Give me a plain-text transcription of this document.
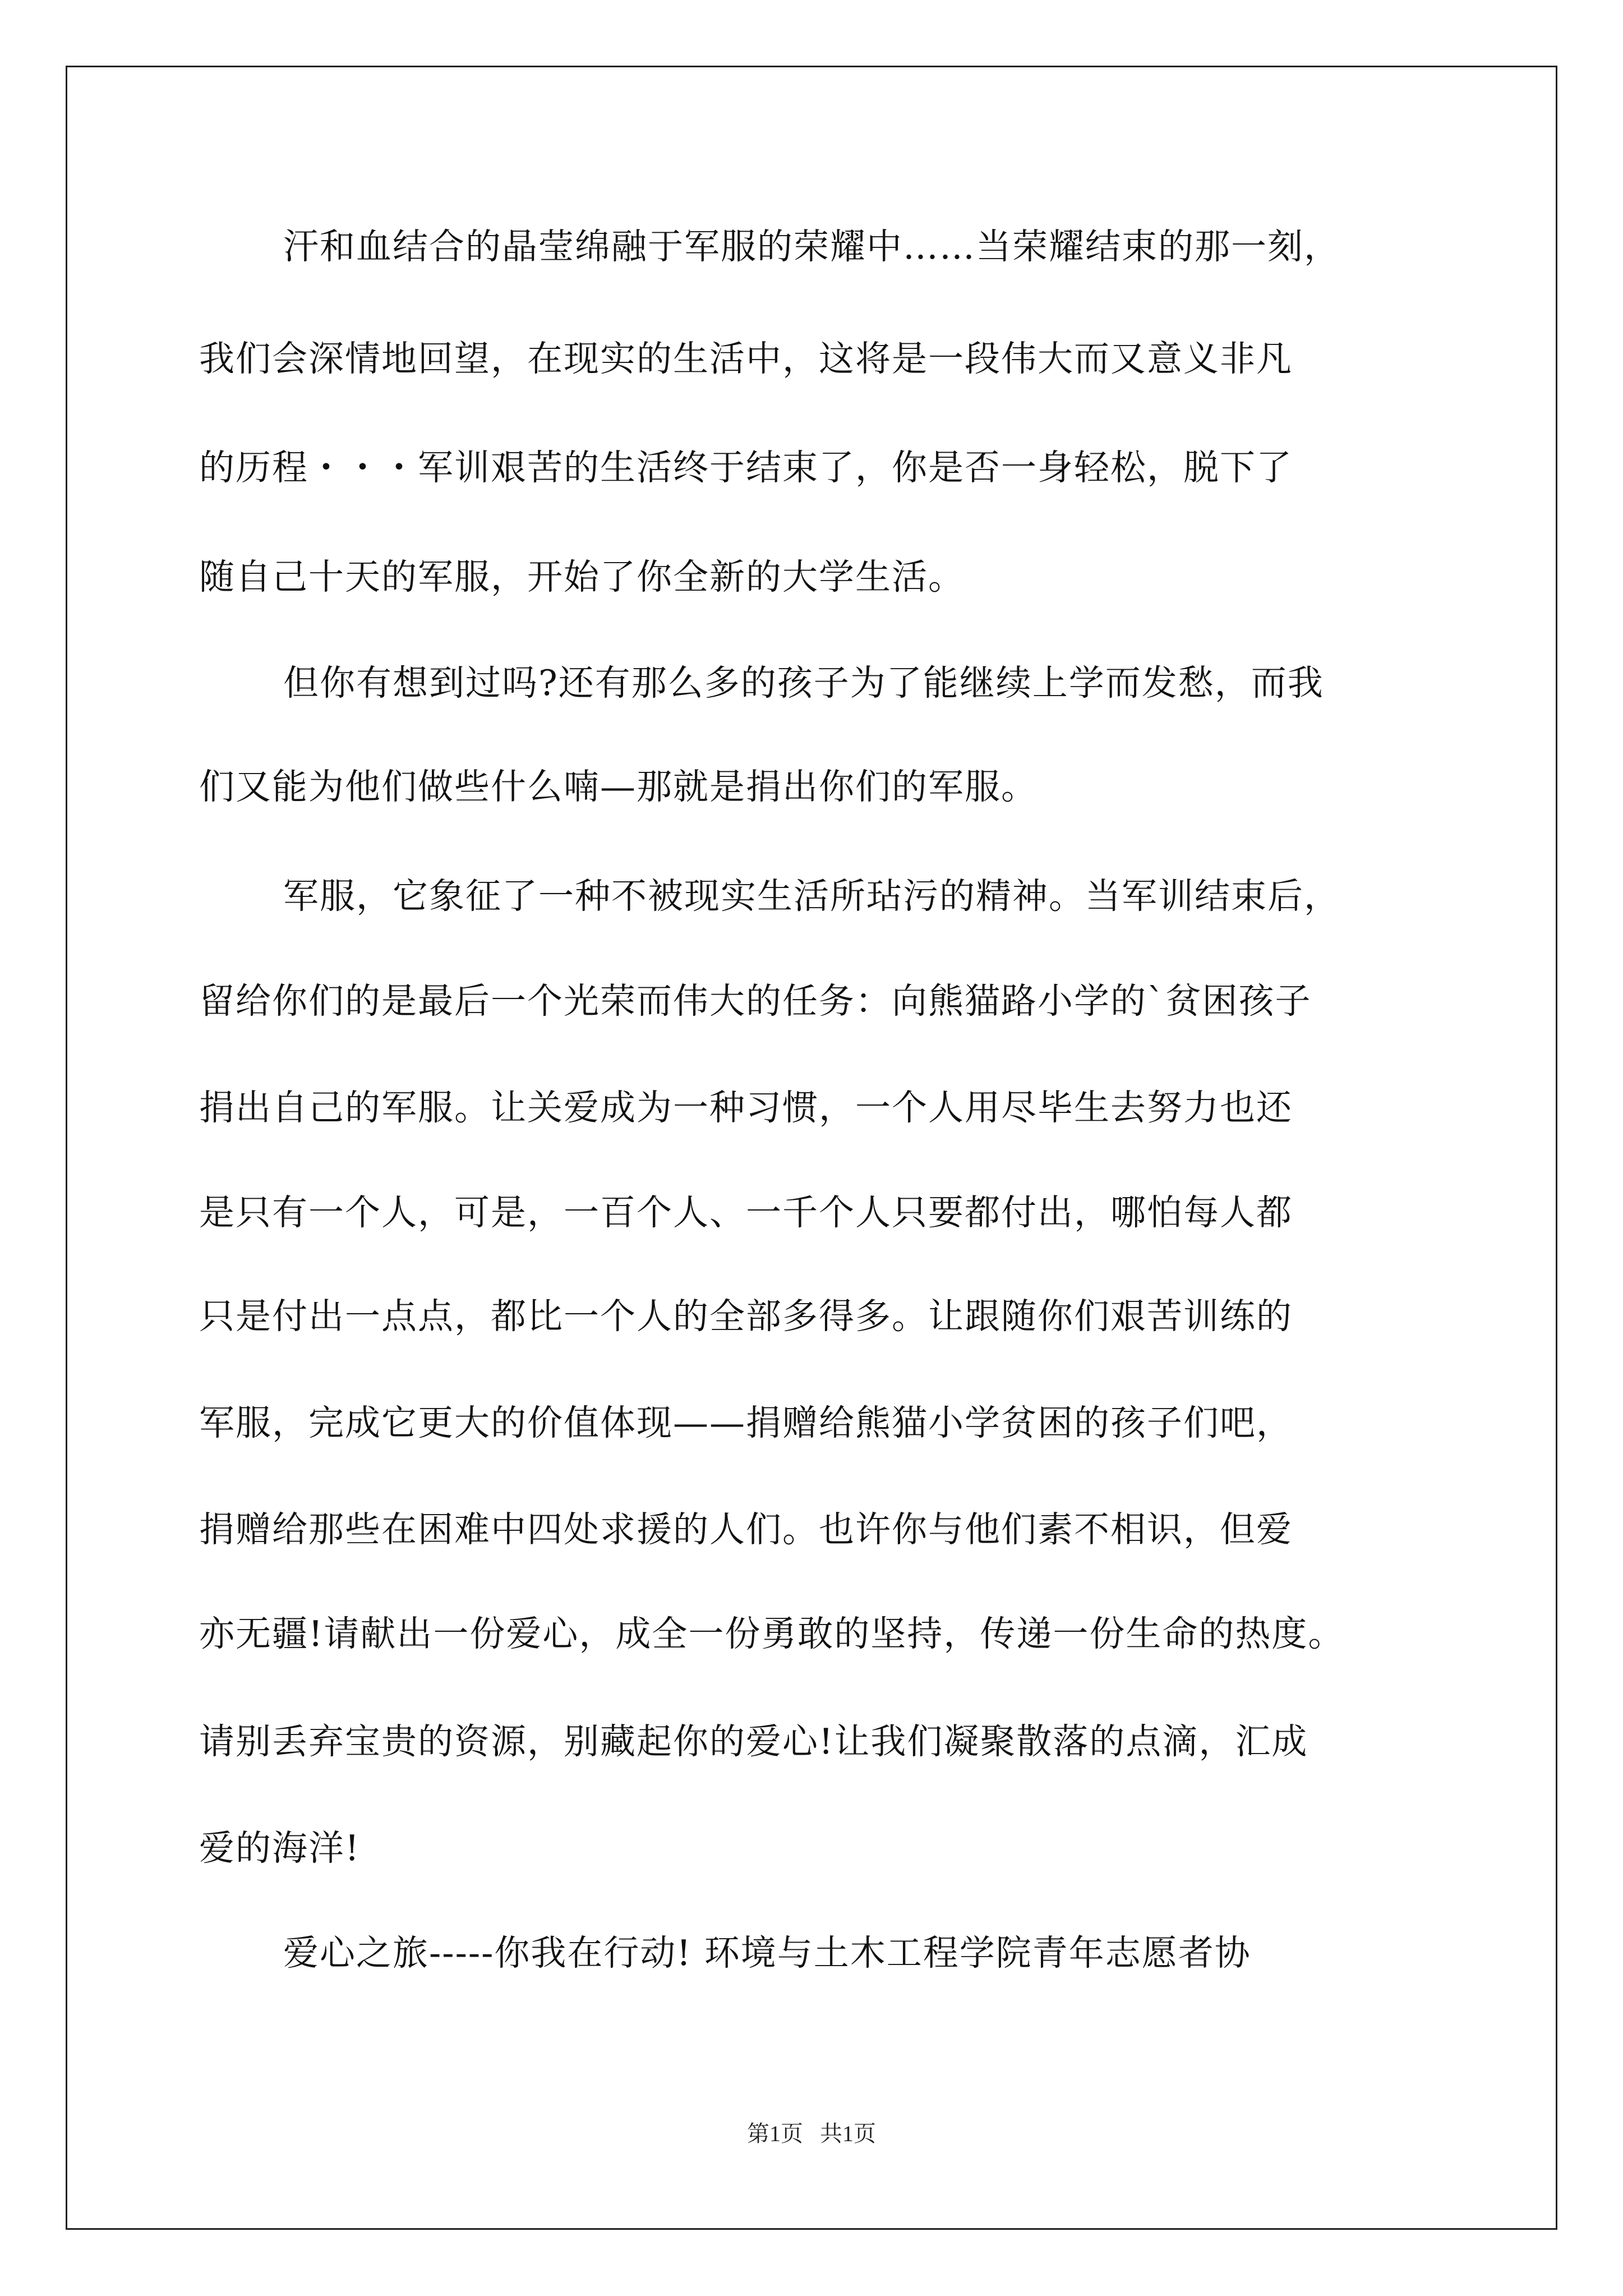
汗和血结合的晶莹绵融于军服的荣耀中……当荣耀结束的那一刻，
我们会深情地回望，在现实的生活中，这将是一段伟大而又意义非凡
的历程・・・军训艰苦的生活终于结束了，你是否一身轻松，脱下了
随自己十天的军服，开始了你全新的大学生活。
但你有想到过吗?还有那么多的孩子为了能继续上学而发愁，而我
们又能为他们做些什么喃—那就是捐出你们的军服。
军服，它象征了一种不被现实生活所玷污的精神。当军训结束后，
留给你们的是最后一个光荣而伟大的任务：向熊猫路小学的`贫困孩子
捐出自己的军服。让关爱成为一种习惯，一个人用尽毕生去努力也还
是只有一个人，可是，一百个人、一千个人只要都付出，哪怕每人都
只是付出一点点，都比一个人的全部多得多。让跟随你们艰苦训练的
军服，完成它更大的价值体现——捐赠给熊猫小学贫困的孩子们吧，
捐赠给那些在困难中四处求援的人们。也许你与他们素不相识，但爱
亦无疆!请献出一份爱心，成全一份勇敢的坚持，传递一份生命的热度。
请别丢弃宝贵的资源，别藏起你的爱心!让我们凝聚散落的点滴，汇成
爱的海洋!
爱心之旅-----你我在行动! 环境与土木工程学院青年志愿者协
第1页 共1页
